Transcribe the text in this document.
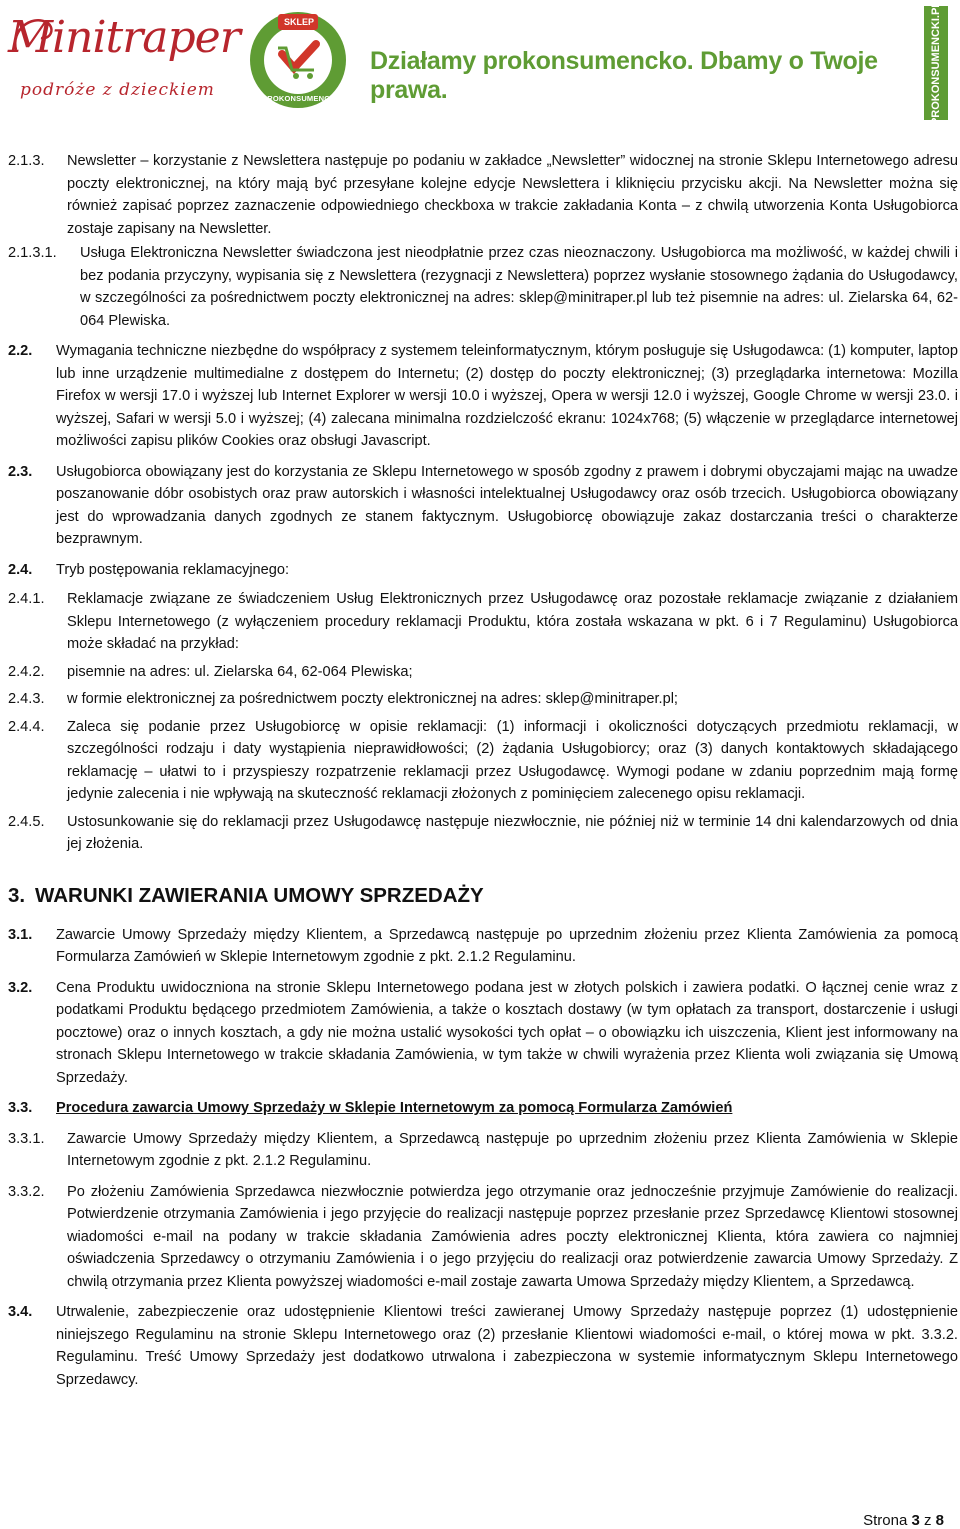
Minitraper
podróże z dzieckiem
SKLEP
PROKONSUMENCKI
Działamy prokonsumencko. Dbamy o Twoje prawa.	PROKONSUMENCKI.PL
2.1.3. Newsletter – korzystanie z Newslettera następuje po podaniu w zakładce „Newsletter” widocznej na stronie Sklepu Internetowego adresu poczty elektronicznej, na który mają być przesyłane kolejne edycje Newslettera i kliknięciu przycisku akcji. Na Newsletter można się również zapisać poprzez zaznaczenie odpowiedniego checkboxa w trakcie zakładania Konta – z chwilą utworzenia Konta Usługobiorca zostaje zapisany na Newsletter.
2.1.3.1. Usługa Elektroniczna Newsletter świadczona jest nieodpłatnie przez czas nieoznaczony. Usługobiorca ma możliwość, w każdej chwili i bez podania przyczyny, wypisania się z Newslettera (rezygnacji z Newslettera) poprzez wysłanie stosownego żądania do Usługodawcy, w szczególności za pośrednictwem poczty elektronicznej na adres: sklep@minitraper.pl lub też pisemnie na adres: ul. Zielarska 64, 62-064 Plewiska.
2.2. Wymagania techniczne niezbędne do współpracy z systemem teleinformatycznym, którym posługuje się Usługodawca: (1) komputer, laptop lub inne urządzenie multimedialne z dostępem do Internetu; (2) dostęp do poczty elektronicznej; (3) przeglądarka internetowa: Mozilla Firefox w wersji 17.0 i wyższej lub Internet Explorer w wersji 10.0 i wyższej, Opera w wersji 12.0 i wyższej, Google Chrome w wersji 23.0. i wyższej, Safari w wersji 5.0 i wyższej; (4) zalecana minimalna rozdzielczość ekranu: 1024x768; (5) włączenie w przeglądarce internetowej możliwości zapisu plików Cookies oraz obsługi Javascript.
2.3. Usługobiorca obowiązany jest do korzystania ze Sklepu Internetowego w sposób zgodny z prawem i dobrymi obyczajami mając na uwadze poszanowanie dóbr osobistych oraz praw autorskich i własności intelektualnej Usługodawcy oraz osób trzecich. Usługobiorca obowiązany jest do wprowadzania danych zgodnych ze stanem faktycznym. Usługobiorcę obowiązuje zakaz dostarczania treści o charakterze bezprawnym.
2.4. Tryb postępowania reklamacyjnego:
2.4.1. Reklamacje związane ze świadczeniem Usług Elektronicznych przez Usługodawcę oraz pozostałe reklamacje związanie z działaniem Sklepu Internetowego (z wyłączeniem procedury reklamacji Produktu, która została wskazana w pkt. 6 i 7 Regulaminu) Usługobiorca może składać na przykład:
2.4.2. pisemnie na adres: ul. Zielarska 64, 62-064 Plewiska;
2.4.3. w formie elektronicznej za pośrednictwem poczty elektronicznej na adres: sklep@minitraper.pl;
2.4.4. Zaleca się podanie przez Usługobiorcę w opisie reklamacji: (1) informacji i okoliczności dotyczących przedmiotu reklamacji, w szczególności rodzaju i daty wystąpienia nieprawidłowości; (2) żądania Usługobiorcy; oraz (3) danych kontaktowych składającego reklamację – ułatwi to i przyspieszy rozpatrzenie reklamacji przez Usługodawcę. Wymogi podane w zdaniu poprzednim mają formę jedynie zalecenia i nie wpływają na skuteczność reklamacji złożonych z pominięciem zalecenego opisu reklamacji.
2.4.5. Ustosunkowanie się do reklamacji przez Usługodawcę następuje niezwłocznie, nie później niż w terminie 14 dni kalendarzowych od dnia jej złożenia.
3. WARUNKI ZAWIERANIA UMOWY SPRZEDAŻY
3.1. Zawarcie Umowy Sprzedaży między Klientem, a Sprzedawcą następuje po uprzednim złożeniu przez Klienta Zamówienia za pomocą Formularza Zamówień w Sklepie Internetowym zgodnie z pkt. 2.1.2 Regulaminu.
3.2. Cena Produktu uwidoczniona na stronie Sklepu Internetowego podana jest w złotych polskich i zawiera podatki. O łącznej cenie wraz z podatkami Produktu będącego przedmiotem Zamówienia, a także o kosztach dostawy (w tym opłatach za transport, dostarczenie i usługi pocztowe) oraz o innych kosztach, a gdy nie można ustalić wysokości tych opłat – o obowiązku ich uiszczenia, Klient jest informowany na stronach Sklepu Internetowego w trakcie składania Zamówienia, w tym także w chwili wyrażenia przez Klienta woli związania się Umową Sprzedaży.
3.3. Procedura zawarcia Umowy Sprzedaży w Sklepie Internetowym za pomocą Formularza Zamówień
3.3.1. Zawarcie Umowy Sprzedaży między Klientem, a Sprzedawcą następuje po uprzednim złożeniu przez Klienta Zamówienia w Sklepie Internetowym zgodnie z pkt. 2.1.2 Regulaminu.
3.3.2. Po złożeniu Zamówienia Sprzedawca niezwłocznie potwierdza jego otrzymanie oraz jednocześnie przyjmuje Zamówienie do realizacji. Potwierdzenie otrzymania Zamówienia i jego przyjęcie do realizacji następuje poprzez przesłanie przez Sprzedawcę Klientowi stosownej wiadomości e-mail na podany w trakcie składania Zamówienia adres poczty elektronicznej Klienta, która zawiera co najmniej oświadczenia Sprzedawcy o otrzymaniu Zamówienia i o jego przyjęciu do realizacji oraz potwierdzenie zawarcia Umowy Sprzedaży. Z chwilą otrzymania przez Klienta powyższej wiadomości e-mail zostaje zawarta Umowa Sprzedaży między Klientem, a Sprzedawcą.
3.4. Utrwalenie, zabezpieczenie oraz udostępnienie Klientowi treści zawieranej Umowy Sprzedaży następuje poprzez (1) udostępnienie niniejszego Regulaminu na stronie Sklepu Internetowego oraz (2) przesłanie Klientowi wiadomości e-mail, o której mowa w pkt. 3.3.2. Regulaminu. Treść Umowy Sprzedaży jest dodatkowo utrwalona i zabezpieczona w systemie informatycznym Sklepu Internetowego Sprzedawcy.
Strona 3 z 8
